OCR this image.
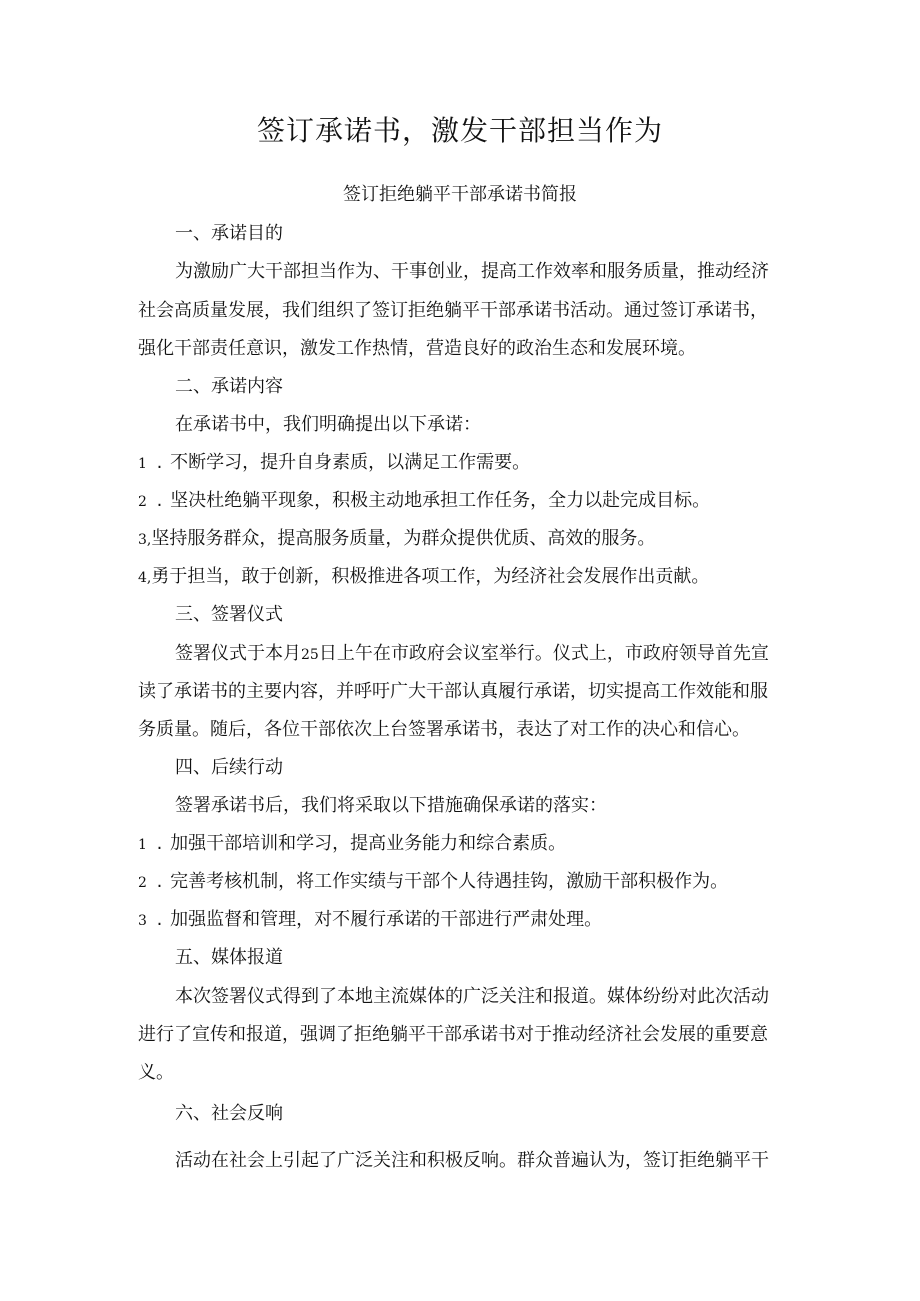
签订承诺书，激发干部担当作为
签订拒绝躺平干部承诺书简报
一、承诺目的
为激励广大干部担当作为、干事创业，提高工作效率和服务质量，推动经济
社会高质量发展，我们组织了签订拒绝躺平干部承诺书活动。通过签订承诺书，
强化干部责任意识，激发工作热情，营造良好的政治生态和发展环境。
二、承诺内容
在承诺书中，我们明确提出以下承诺：
1 . 不断学习，提升自身素质，以满足工作需要。
2 . 坚决杜绝躺平现象，积极主动地承担工作任务，全力以赴完成目标。
3,坚持服务群众，提高服务质量，为群众提供优质、高效的服务。
4,勇于担当，敢于创新，积极推进各项工作，为经济社会发展作出贡献。
三、签署仪式
签署仪式于本月25日上午在市政府会议室举行。仪式上，市政府领导首先宣
读了承诺书的主要内容，并呼吁广大干部认真履行承诺，切实提高工作效能和服
务质量。随后，各位干部依次上台签署承诺书，表达了对工作的决心和信心。
四、后续行动
签署承诺书后，我们将采取以下措施确保承诺的落实：
1 . 加强干部培训和学习，提高业务能力和综合素质。
2 . 完善考核机制，将工作实绩与干部个人待遇挂钩，激励干部积极作为。
3 . 加强监督和管理，对不履行承诺的干部进行严肃处理。
五、媒体报道
本次签署仪式得到了本地主流媒体的广泛关注和报道。媒体纷纷对此次活动
进行了宣传和报道，强调了拒绝躺平干部承诺书对于推动经济社会发展的重要意
义。
六、社会反响
活动在社会上引起了广泛关注和积极反响。群众普遍认为，签订拒绝躺平干
